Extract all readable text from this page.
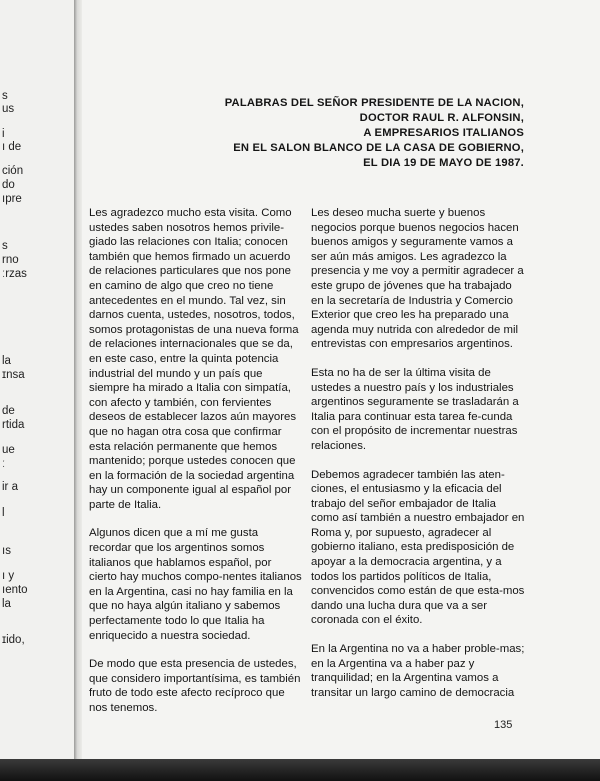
s
us
i
ı de
ción
do
ıpre
s
rno
ːrzas
la
ɪnsa
de
rtida
ue
ː
ir a
l
ıs
ı y
ıento
la
ɪido,
PALABRAS DEL SEÑOR PRESIDENTE DE LA NACION,
DOCTOR RAUL R. ALFONSIN,
A EMPRESARIOS ITALIANOS
EN EL SALON BLANCO DE LA CASA DE GOBIERNO,
EL DIA 19 DE MAYO DE 1987.

Les agradezco mucho esta visita. Como ustedes saben nosotros hemos privile-giado las relaciones con Italia; conocen también que hemos firmado un acuerdo de relaciones particulares que nos pone en camino de algo que creo no tiene antecedentes en el mundo. Tal vez, sin darnos cuenta, ustedes, nosotros, todos, somos protagonistas de una nueva forma de relaciones internacionales que se da, en este caso, entre la quinta potencia industrial del mundo y un país que siempre ha mirado a Italia con simpatía, con afecto y también, con fervientes deseos de establecer lazos aún mayores que no hagan otra cosa que confirmar esta relación permanente que hemos mantenido; porque ustedes conocen que en la formación de la sociedad argentina hay un componente igual al español por parte de Italia.

Algunos dicen que a mí me gusta recordar que los argentinos somos italianos que hablamos español, por cierto hay muchos compo-nentes italianos en la Argentina, casi no hay familia en la que no haya algún italiano y sabemos perfectamente todo lo que Italia ha enriquecido a nuestra sociedad.

De modo que esta presencia de ustedes, que considero importantísima, es también fruto de todo este afecto recíproco que nos tenemos.

Les deseo mucha suerte y buenos negocios porque buenos negocios hacen buenos amigos y seguramente vamos a ser aún más amigos. Les agradezco la presencia y me voy a permitir agradecer a este grupo de jóvenes que ha trabajado en la secretaría de Industria y Comercio Exterior que creo les ha preparado una agenda muy nutrida con alrededor de mil entrevistas con empresarios argentinos.

Esta no ha de ser la última visita de ustedes a nuestro país y los industriales argentinos seguramente se trasladarán a Italia para continuar esta tarea fe-cunda con el propósito de incrementar nuestras relaciones.

Debemos agradecer también las aten-ciones, el entusiasmo y la eficacia del trabajo del señor embajador de Italia como así también a nuestro embajador en Roma y, por supuesto, agradecer al gobierno italiano, esta predisposición de apoyar a la democracia argentina, y a todos los partidos políticos de Italia, convencidos como están de que esta-mos dando una lucha dura que va a ser coronada con el éxito.

En la Argentina no va a haber proble-mas; en la Argentina va a haber paz y tranquilidad; en la Argentina vamos a transitar un largo camino de democracia

135
